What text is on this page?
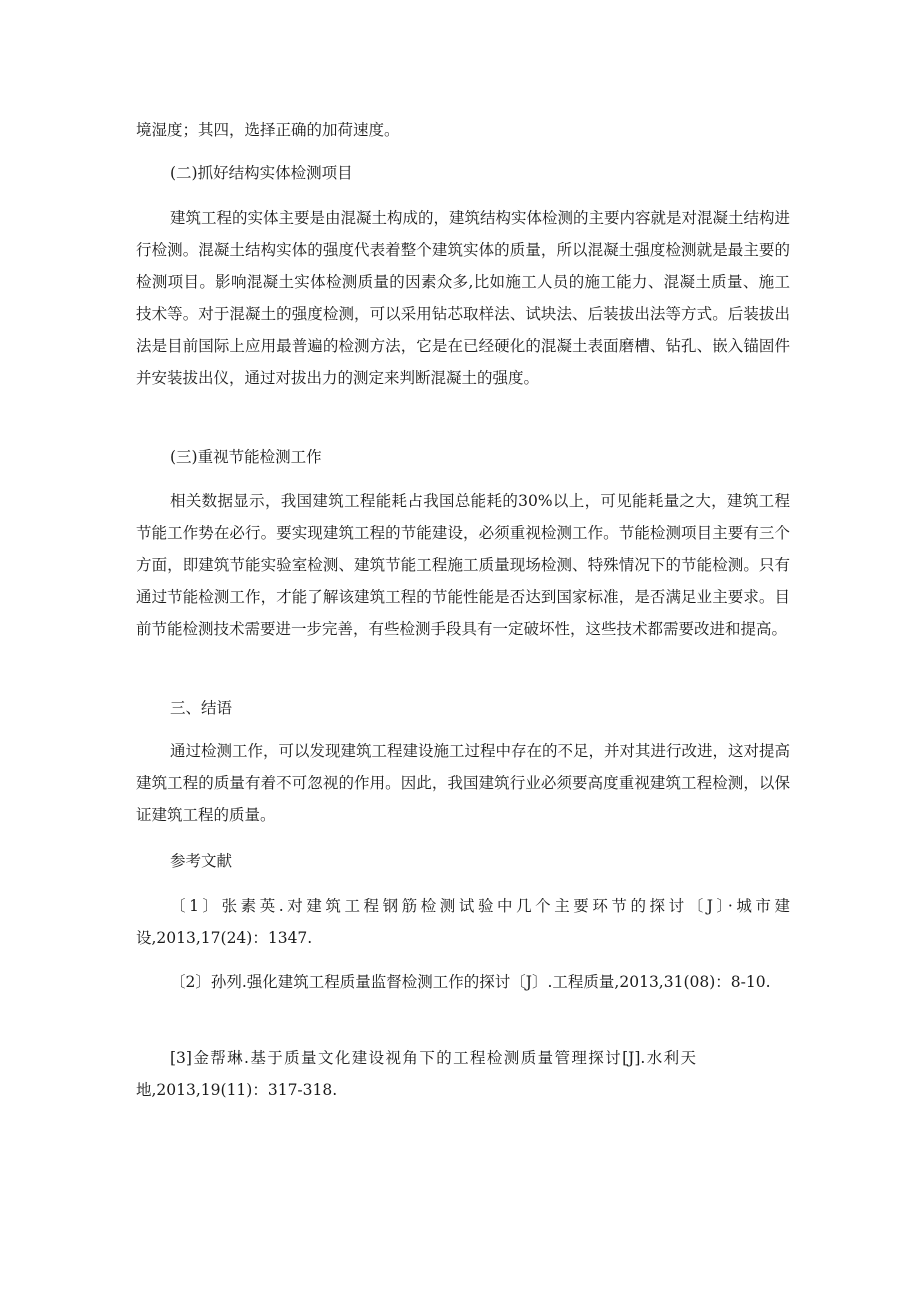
境湿度；其四，选择正确的加荷速度。

(二)抓好结构实体检测项目

建筑工程的实体主要是由混凝土构成的，建筑结构实体检测的主要内容就是对混凝土结构进行检测。混凝土结构实体的强度代表着整个建筑实体的质量，所以混凝土强度检测就是最主要的检测项目。影响混凝土实体检测质量的因素众多,比如施工人员的施工能力、混凝土质量、施工技术等。对于混凝土的强度检测，可以采用钻芯取样法、试块法、后装拔出法等方式。后装拔出法是目前国际上应用最普遍的检测方法，它是在已经硬化的混凝土表面磨槽、钻孔、嵌入锚固件并安装拔出仪，通过对拔出力的测定来判断混凝土的强度。

(三)重视节能检测工作

相关数据显示，我国建筑工程能耗占我国总能耗的30%以上，可见能耗量之大，建筑工程节能工作势在必行。要实现建筑工程的节能建设，必须重视检测工作。节能检测项目主要有三个方面，即建筑节能实验室检测、建筑节能工程施工质量现场检测、特殊情况下的节能检测。只有通过节能检测工作，才能了解该建筑工程的节能性能是否达到国家标准，是否满足业主要求。目前节能检测技术需要进一步完善，有些检测手段具有一定破坏性，这些技术都需要改进和提高。

三、结语

通过检测工作，可以发现建筑工程建设施工过程中存在的不足，并对其进行改进，这对提高建筑工程的质量有着不可忽视的作用。因此，我国建筑行业必须要高度重视建筑工程检测，以保证建筑工程的质量。

参考文献

〔1〕张素英.对建筑工程钢筋检测试验中几个主要环节的探讨〔J〕·城市建设,2013,17(24)：1347.

〔2〕孙列.强化建筑工程质量监督检测工作的探讨〔J〕.工程质量,2013,31(08)：8-10.

[3]金帮琳.基于质量文化建设视角下的工程检测质量管理探讨[J].水利天地,2013,19(11)：317-318.
